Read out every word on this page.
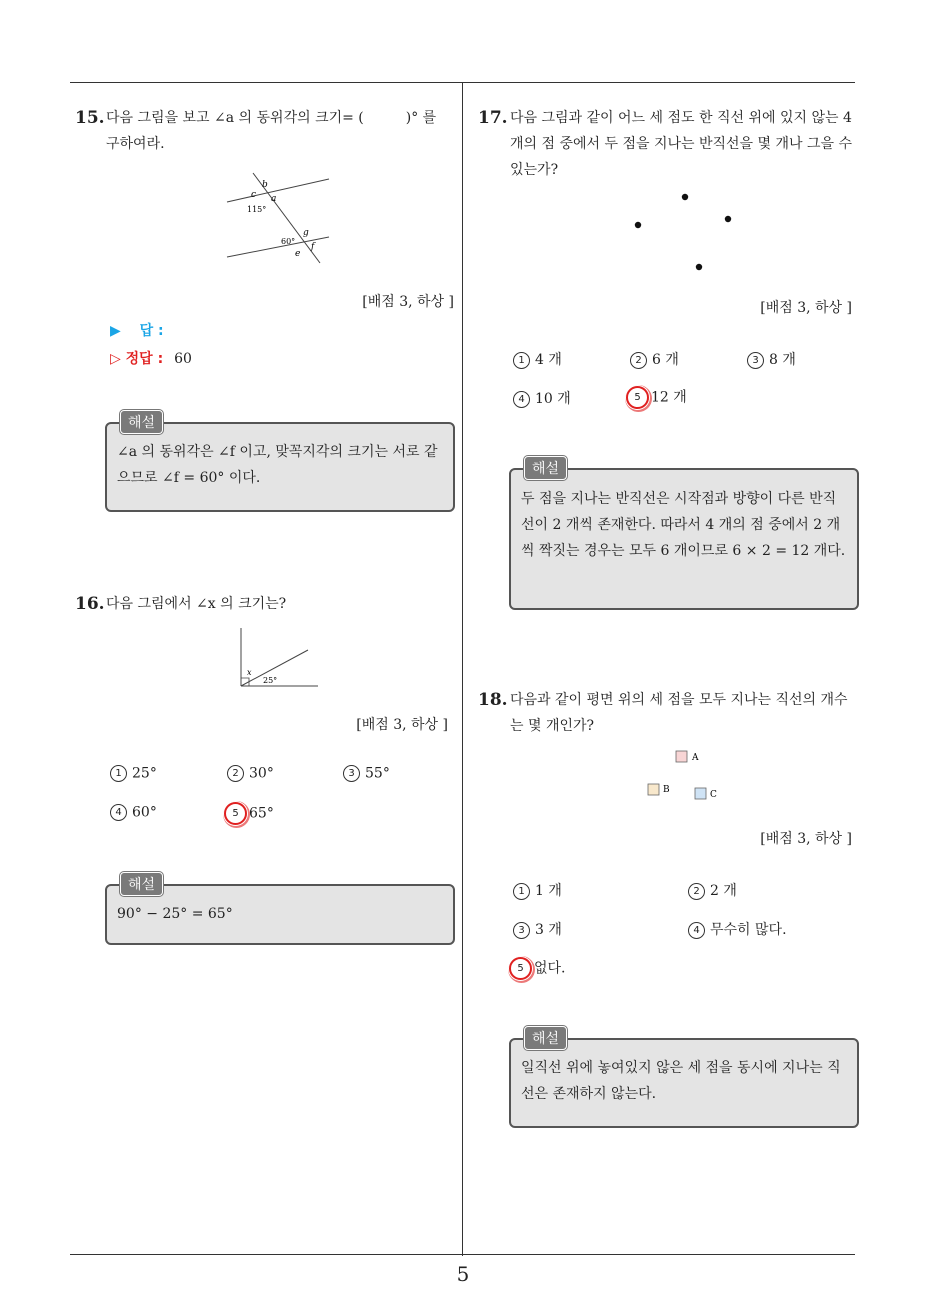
15. 다음 그림을 보고 ∠a 의 동위각의 크기= (　　　)° 를 구하여라.
b
c a
115°
g
60°
f
e
[배점 3, 하상 ]
▶ 답 :
▷ 정답 : 60
해설
∠a 의 동위각은 ∠f 이고, 맞꼭지각의 크기는 서로 같으므로 ∠f = 60° 이다.
16. 다음 그림에서 ∠x 의 크기는?
x
25°
[배점 3, 하상 ]
1 25°	2 30°	3 55°
4 60°	5 65°
해설
90° − 25° = 65°
17. 다음 그림과 같이 어느 세 점도 한 직선 위에 있지 않는 4 개의 점 중에서 두 점을 지나는 반직선을 몇 개나 그을 수 있는가?
[배점 3, 하상 ]
1 4 개	2 6 개	3 8 개
4 10 개	5 12 개
해설
두 점을 지나는 반직선은 시작점과 방향이 다른 반직선이 2 개씩 존재한다. 따라서 4 개의 점 중에서 2 개씩 짝짓는 경우는 모두 6 개이므로 6 × 2 = 12 개다.
18. 다음과 같이 평면 위의 세 점을 모두 지나는 직선의 개수는 몇 개인가?
A
B	C
[배점 3, 하상 ]
1 1 개	2 2 개
3 3 개	4 무수히 많다.
5 없다.
해설
일직선 위에 놓여있지 않은 세 점을 동시에 지나는 직선은 존재하지 않는다.
5
